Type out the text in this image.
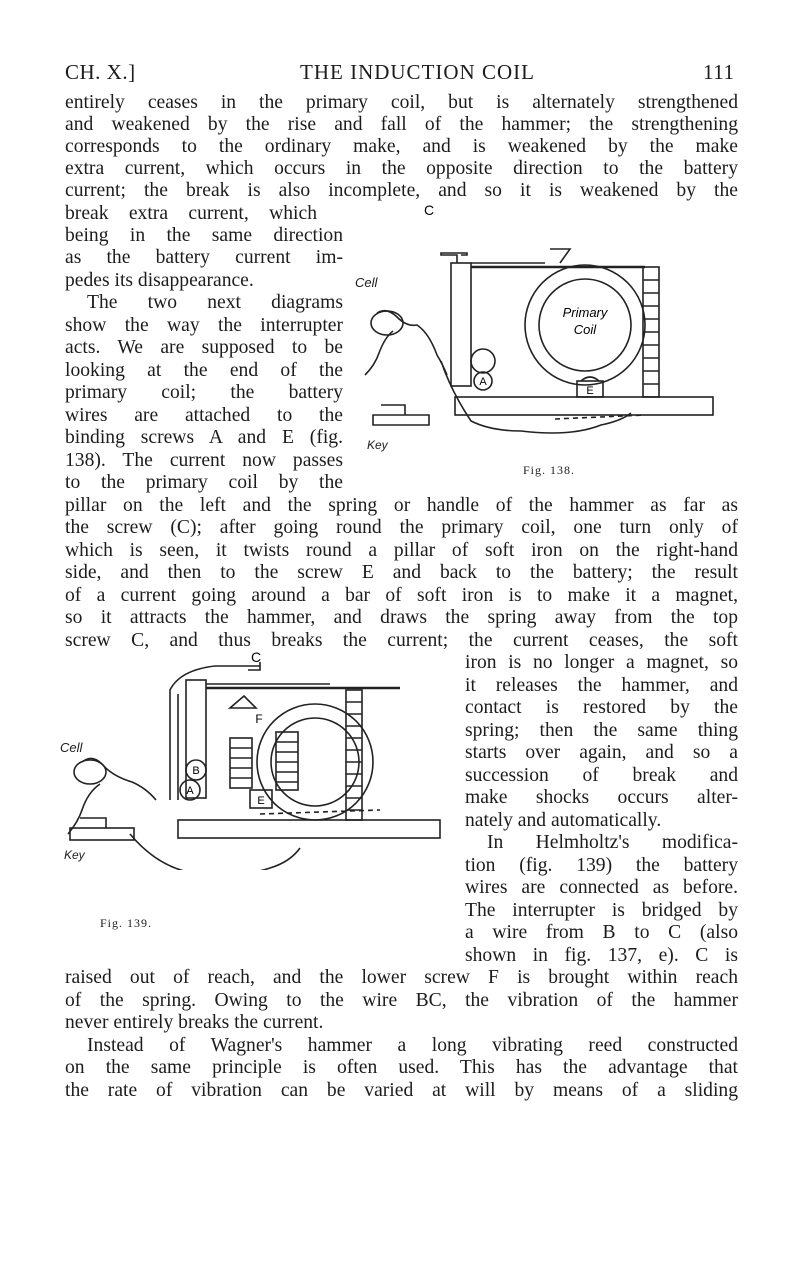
CH. X.]	THE INDUCTION COIL	111
entirely ceases in the primary coil, but is alternately strengthened
and weakened by the rise and fall of the hammer; the strengthening
corresponds to the ordinary make, and is weakened by the make
extra current, which occurs in the opposite direction to the battery
current; the break is also incomplete, and so it is weakened by the
break extra current, which
being in the same direction
as the battery current im-
pedes its disappearance.
The two next diagrams
show the way the interrupter
acts. We are supposed to be
looking at the end of the
primary coil; the battery
wires are attached to the
binding screws A and E (fig.
138). The current now passes
to the primary coil by the
pillar on the left and the spring or handle of the hammer as far as
the screw (C); after going round the primary coil, one turn only of
which is seen, it twists round a pillar of soft iron on the right-hand
side, and then to the screw E and back to the battery; the result
of a current going around a bar of soft iron is to make it a magnet,
so it attracts the hammer, and draws the spring away from the top
screw C, and thus breaks the current; the current ceases, the soft
iron is no longer a magnet, so
it releases the hammer, and
contact is restored by the
spring; then the same thing
starts over again, and so a
succession of break and
make shocks occurs alter-
nately and automatically.
In Helmholtz's modifica-
tion (fig. 139) the battery
wires are connected as before.
The interrupter is bridged by
a wire from B to C (also
shown in fig. 137, e). C is
raised out of reach, and the lower screw F is brought within reach
of the spring. Owing to the wire BC, the vibration of the hammer
never entirely breaks the current.
Instead of Wagner's hammer a long vibrating reed constructed
on the same principle is often used. This has the advantage that
the rate of vibration can be varied at will by means of a sliding
C
A
E
Primary
Coil
Cell
Key
Fig. 138.
C
F
B
A
E
Cell
Key
Fig. 139.
